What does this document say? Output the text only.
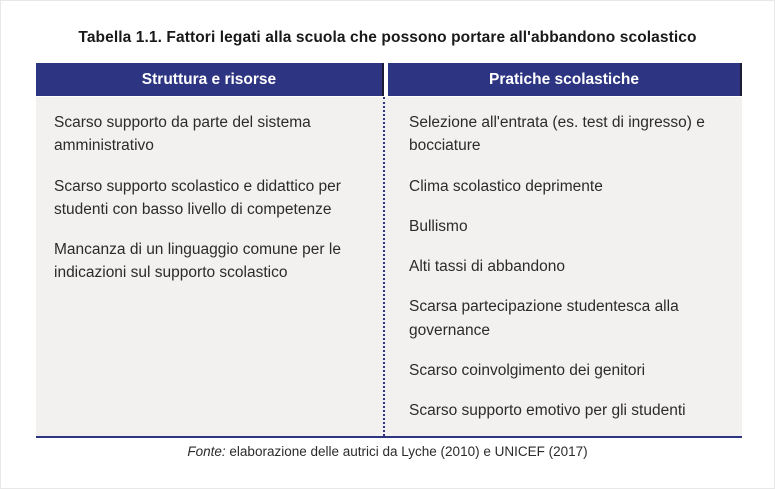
Tabella 1.1. Fattori legati alla scuola che possono portare all'abbandono scolastico
Struttura e risorse	Pratiche scolastiche

Scarso supporto da parte del sistema amministrativo

Scarso supporto scolastico e didattico per studenti con basso livello di competenze

Mancanza di un linguaggio comune per le indicazioni sul supporto scolastico

Selezione all'entrata (es. test di ingresso) e bocciature

Clima scolastico deprimente

Bullismo

Alti tassi di abbandono

Scarsa partecipazione studentesca alla governance

Scarso coinvolgimento dei genitori

Scarso supporto emotivo per gli studenti

Fonte: elaborazione delle autrici da Lyche (2010) e UNICEF (2017)
